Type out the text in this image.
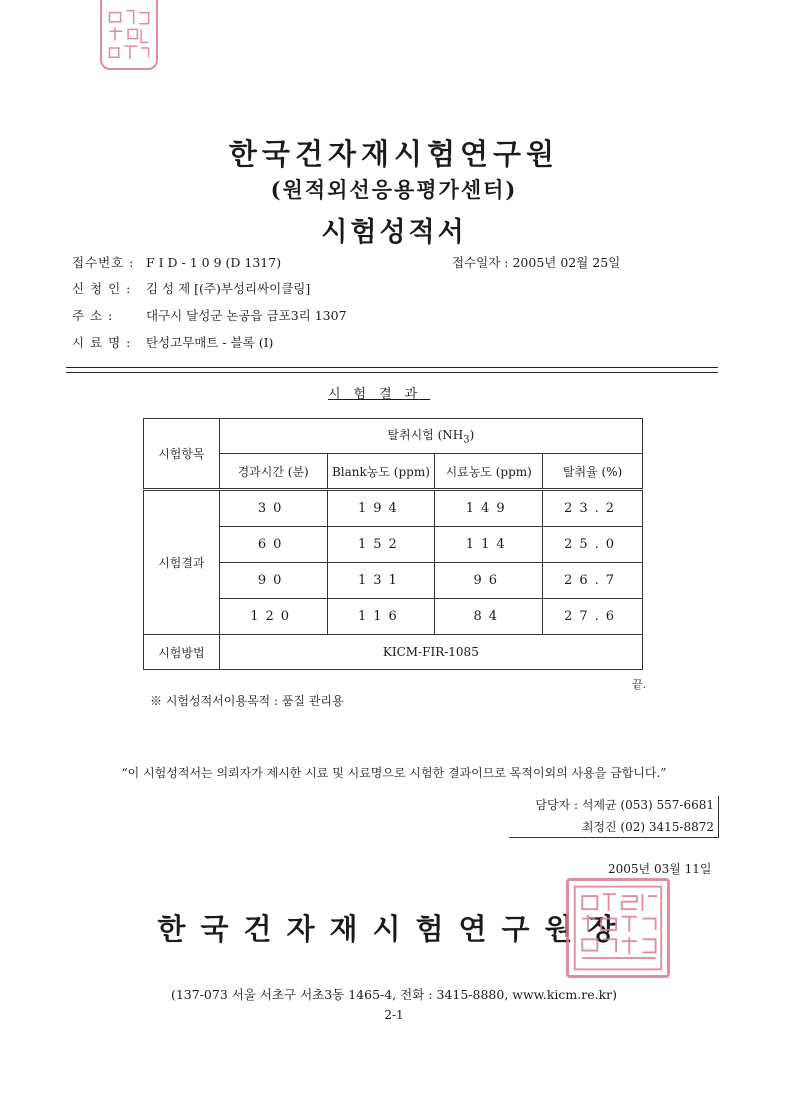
한국건자재시험연구원
(원적외선응용평가센터)
시험성적서
접수번호 : F I D - 1 0 9 (D 1317)	접수일자 : 2005년 02월 25일
신 청 인 : 김 성 제 [(주)부성리싸이클링]
주 소 :	대구시 달성군 논공읍 금포3리 1307
시 료 명 : 탄성고무매트 - 블록 (I)
시험결과
시험항목	탈취시험 $(NH_3)$			
	경과시간 (분)	Blank농도 (ppm)	시료농도 (ppm)	탈취율 (%)
시험결과	30	194	149	23.2
	60	152	114	25.0
	90	131	96	26.7
	120	116	84	27.6
시험방법	KICM-FIR-1085			
끝.
※ 시험성적서이용목적 : 품질 관리용
“이 시험성적서는 의뢰자가 제시한 시료 및 시료명으로 시험한 결과이므로 목적이외의 사용을 금합니다.”
담당자 : 석제균 (053) 557-6681
최정진 (02) 3415-8872
2005년 03월 11일
한국건자재시험연구원장
(137-073 서울 서초구 서초3동 1465-4, 전화 : 3415-8880, www.kicm.re.kr)
2-1
